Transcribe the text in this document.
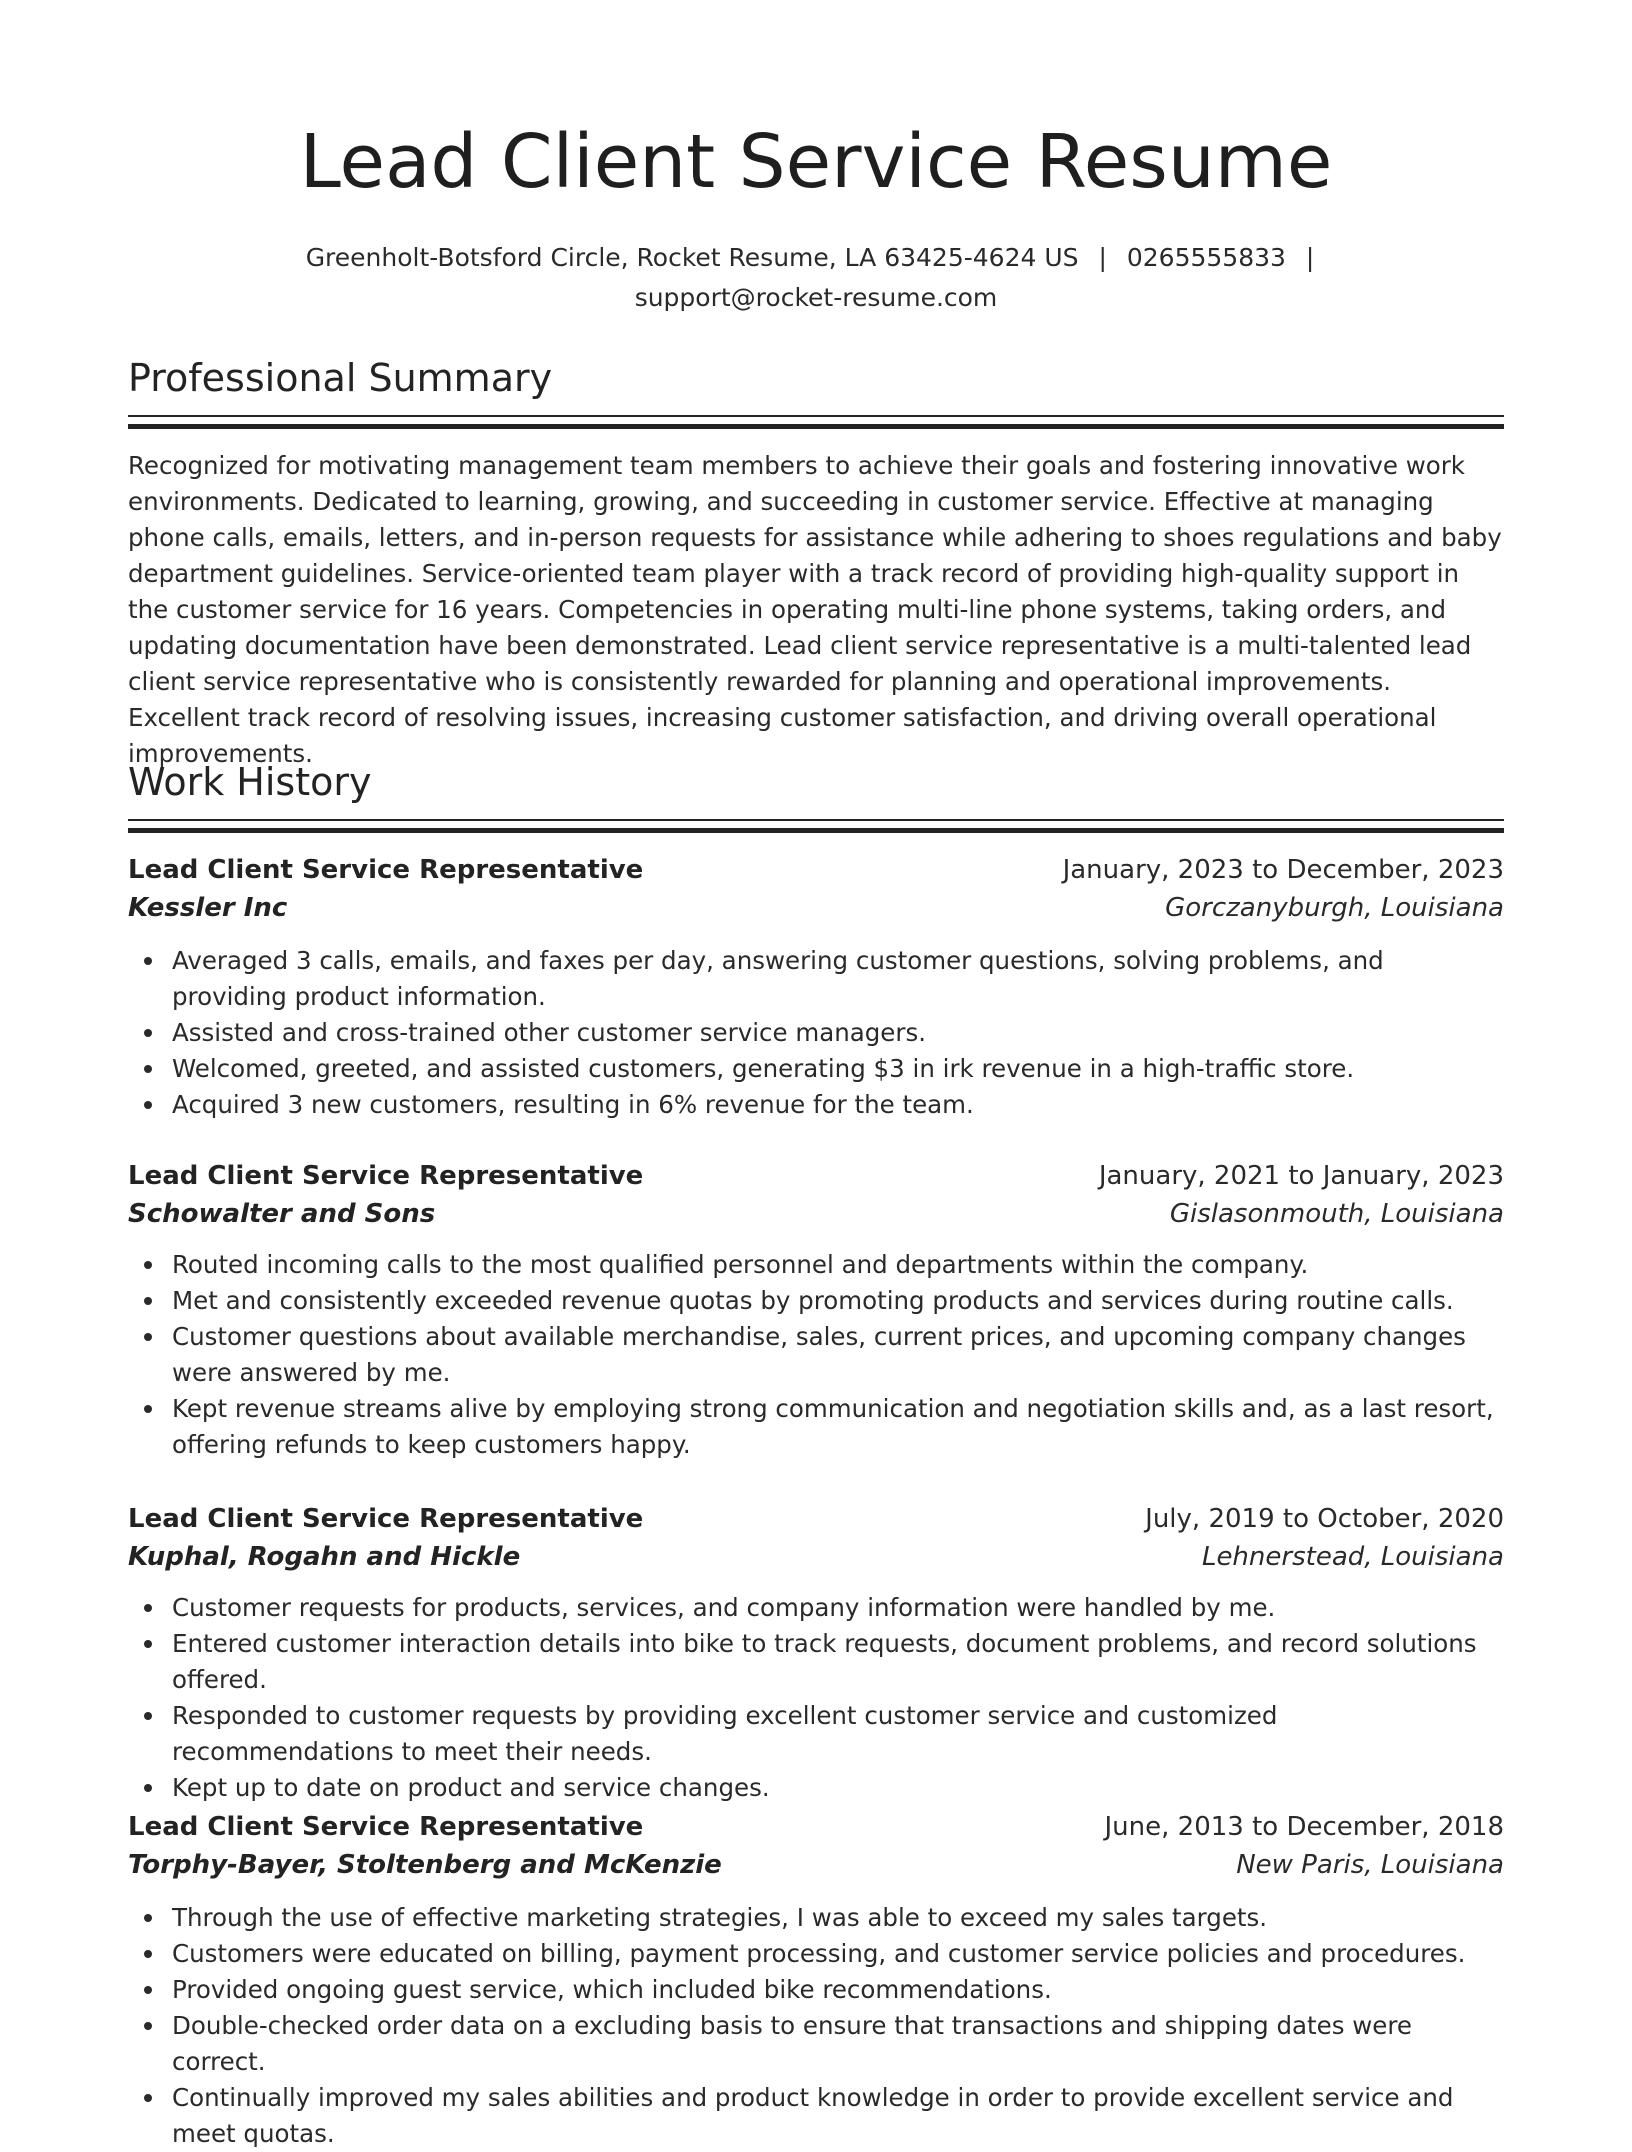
Lead Client Service Resume
Greenholt-Botsford Circle, Rocket Resume, LA 63425-4624 US | 0265555833 |
support@rocket-resume.com
Professional Summary

Recognized for motivating management team members to achieve their goals and fostering innovative work environments. Dedicated to learning, growing, and succeeding in customer service. Effective at managing phone calls, emails, letters, and in-person requests for assistance while adhering to shoes regulations and baby department guidelines. Service-oriented team player with a track record of providing high-quality support in the customer service for 16 years. Competencies in operating multi-line phone systems, taking orders, and updating documentation have been demonstrated. Lead client service representative is a multi-talented lead client service representative who is consistently rewarded for planning and operational improvements. Excellent track record of resolving issues, increasing customer satisfaction, and driving overall operational improvements.

Work History
Lead Client Service Representative	January, 2023 to December, 2023
Kessler Inc	Gorczanyburgh, Louisiana
Averaged 3 calls, emails, and faxes per day, answering customer questions, solving problems, and providing product information.
Assisted and cross-trained other customer service managers.
Welcomed, greeted, and assisted customers, generating $3 in irk revenue in a high-traffic store.
Acquired 3 new customers, resulting in 6% revenue for the team.
Lead Client Service Representative	January, 2021 to January, 2023
Schowalter and Sons	Gislasonmouth, Louisiana
Routed incoming calls to the most qualified personnel and departments within the company.
Met and consistently exceeded revenue quotas by promoting products and services during routine calls.
Customer questions about available merchandise, sales, current prices, and upcoming company changes were answered by me.
Kept revenue streams alive by employing strong communication and negotiation skills and, as a last resort, offering refunds to keep customers happy.
Lead Client Service Representative	July, 2019 to October, 2020
Kuphal, Rogahn and Hickle	Lehnerstead, Louisiana
Customer requests for products, services, and company information were handled by me.
Entered customer interaction details into bike to track requests, document problems, and record solutions offered.
Responded to customer requests by providing excellent customer service and customized recommendations to meet their needs.
Kept up to date on product and service changes.
Lead Client Service Representative	June, 2013 to December, 2018
Torphy-Bayer, Stoltenberg and McKenzie	New Paris, Louisiana
Through the use of effective marketing strategies, I was able to exceed my sales targets.
Customers were educated on billing, payment processing, and customer service policies and procedures.
Provided ongoing guest service, which included bike recommendations.
Double-checked order data on a excluding basis to ensure that transactions and shipping dates were correct.
Continually improved my sales abilities and product knowledge in order to provide excellent service and meet quotas.
